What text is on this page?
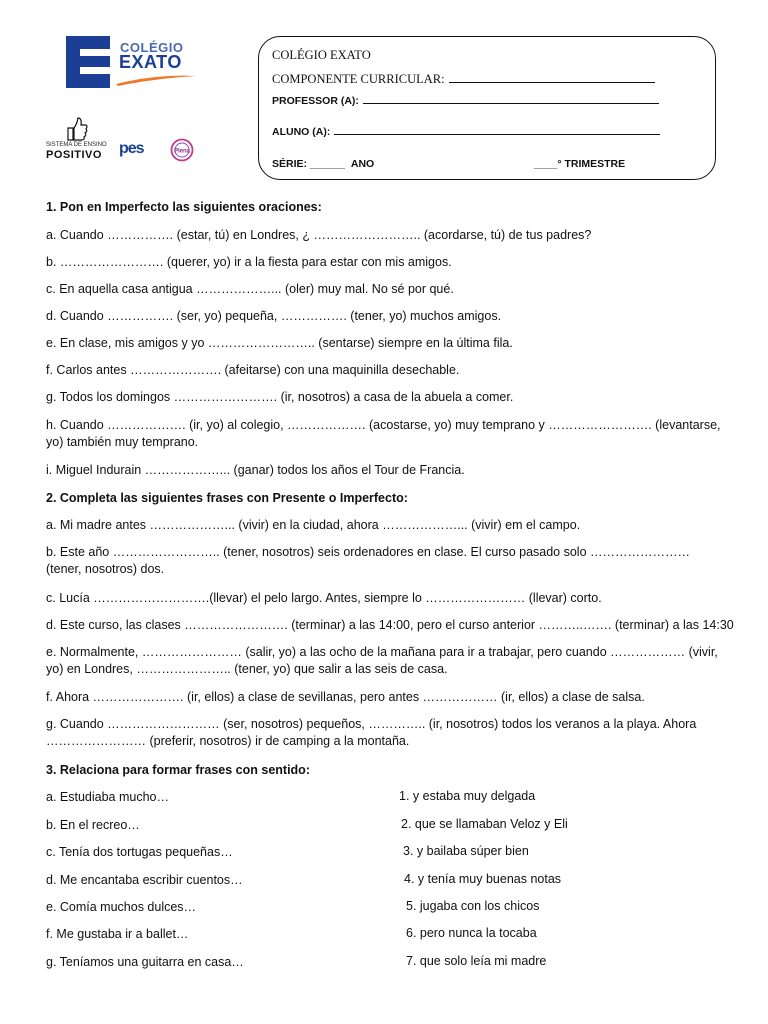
COLÉGIO
EXATO
SISTEMA DE ENSINO
POSITIVO pes	Plena
COLÉGIO EXATO
COMPONENTE CURRICULAR:
PROFESSOR (A):
ALUNO (A):
SÉRIE: ______ ANO	____° TRIMESTRE
1. Pon en Imperfecto las siguientes oraciones:
a. Cuando ……………. (estar, tú) en Londres, ¿ …………………….. (acordarse, tú) de tus padres?
b. ……………………. (querer, yo) ir a la fiesta para estar con mis amigos.
c. En aquella casa antigua ………………... (oler) muy mal. No sé por qué.
d. Cuando ……………. (ser, yo) pequeña, ……………. (tener, yo) muchos amigos.
e. En clase, mis amigos y yo …………………….. (sentarse) siempre en la última fila.
f. Carlos antes …………………. (afeitarse) con una maquinilla desechable.
g. Todos los domingos ……………………. (ir, nosotros) a casa de la abuela a comer.
h. Cuando ………………. (ir, yo) al colegio, ………………. (acostarse, yo) muy temprano y ……………………. (levantarse, yo) también muy temprano.
i. Miguel Indurain ………………... (ganar) todos los años el Tour de Francia.
2. Completa las siguientes frases con Presente o Imperfecto:
a. Mi madre antes ………………... (vivir) en la ciudad, ahora ………………... (vivir) em el campo.
b. Este año …………………….. (tener, nosotros) seis ordenadores en clase. El curso pasado solo …………………… (tener, nosotros) dos.
c. Lucía ……………………….(llevar) el pelo largo. Antes, siempre lo …………………… (llevar) corto.
d. Este curso, las clases ……………………. (terminar) a las 14:00, pero el curso anterior ………..……. (terminar) a las 14:30
e. Normalmente, …………………… (salir, yo) a las ocho de la mañana para ir a trabajar, pero cuando ……………… (vivir, yo) en Londres, ………………….. (tener, yo) que salir a las seis de casa.
f. Ahora …………………. (ir, ellos) a clase de sevillanas, pero antes ……………… (ir, ellos) a clase de salsa.
g. Cuando ……………………… (ser, nosotros) pequeños, ………….. (ir, nosotros) todos los veranos a la playa. Ahora …………………… (preferir, nosotros) ir de camping a la montaña.
3. Relaciona para formar frases con sentido:
a. Estudiaba mucho…
b. En el recreo…
c. Tenía dos tortugas pequeñas…
d. Me encantaba escribir cuentos…
e. Comía muchos dulces…
f. Me gustaba ir a ballet…
g. Teníamos una guitarra en casa…
1. y estaba muy delgada
2. que se llamaban Veloz y Eli
3. y bailaba súper bien
4. y tenía muy buenas notas
5. jugaba con los chicos
6. pero nunca la tocaba
7. que solo leía mi madre
